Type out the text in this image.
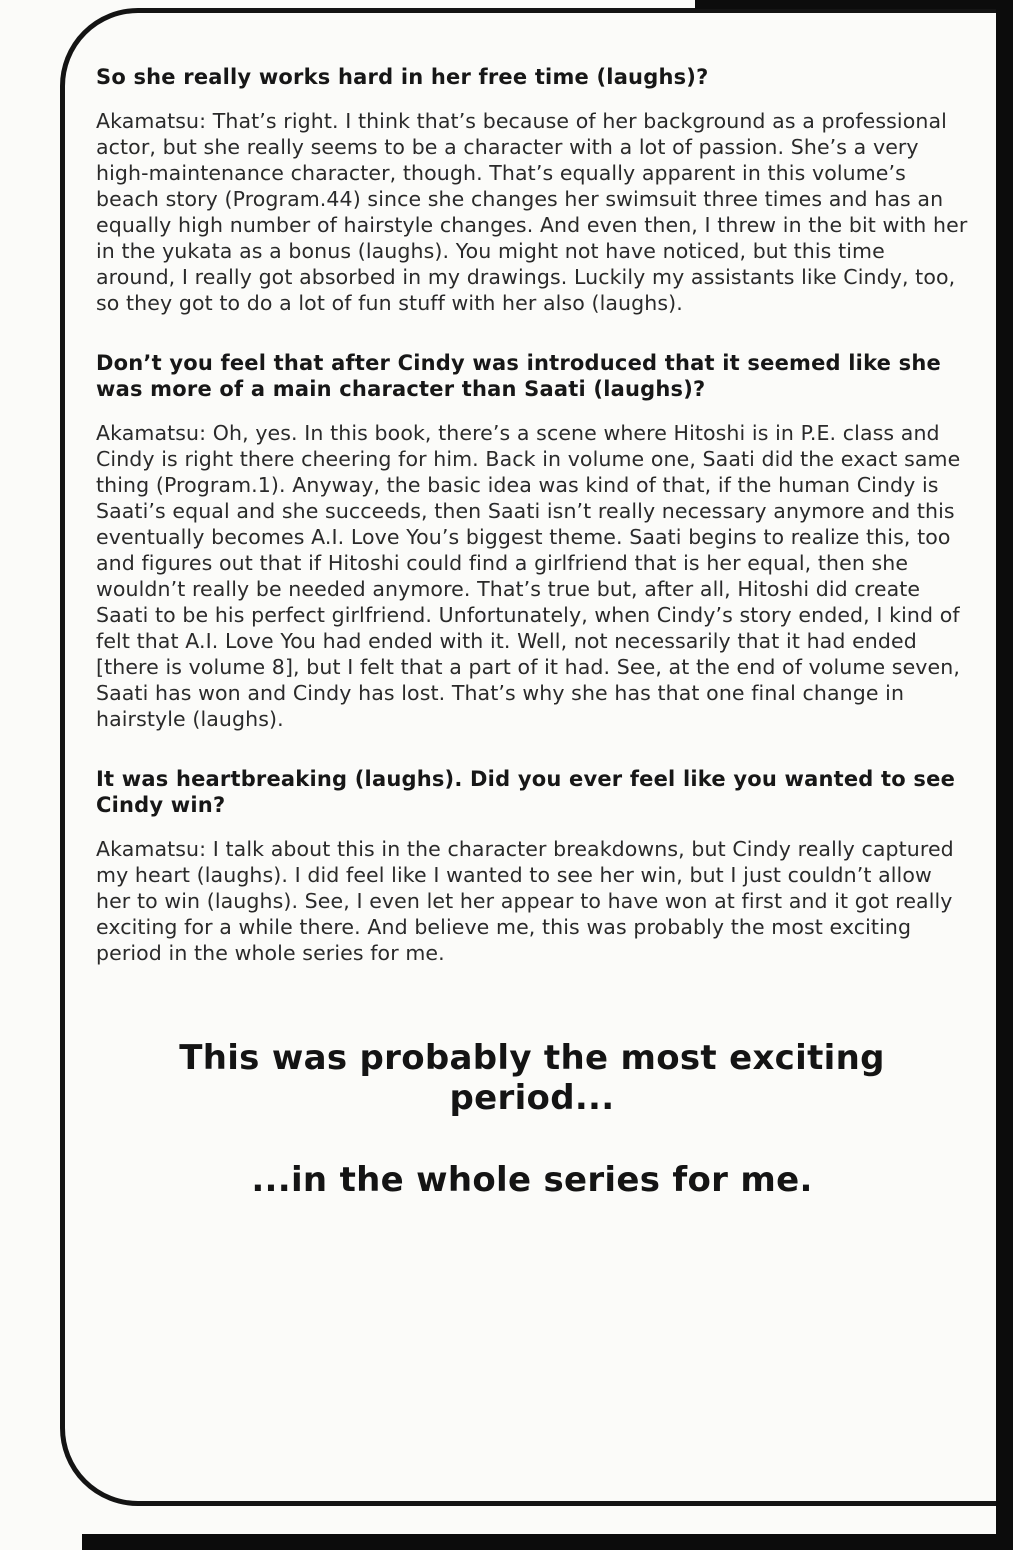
So she really works hard in her free time (laughs)?

Akamatsu: That’s right. I think that’s because of her background as a professional actor, but she really seems to be a character with a lot of passion. She’s a very high-maintenance character, though. That’s equally apparent in this volume’s beach story (Program.44) since she changes her swimsuit three times and has an equally high number of hairstyle changes. And even then, I threw in the bit with her in the yukata as a bonus (laughs). You might not have noticed, but this time around, I really got absorbed in my drawings. Luckily my assistants like Cindy, too, so they got to do a lot of fun stuff with her also (laughs).

Don’t you feel that after Cindy was introduced that it seemed like she was more of a main character than Saati (laughs)?

Akamatsu: Oh, yes. In this book, there’s a scene where Hitoshi is in P.E. class and Cindy is right there cheering for him. Back in volume one, Saati did the exact same thing (Program.1). Anyway, the basic idea was kind of that, if the human Cindy is Saati’s equal and she succeeds, then Saati isn’t really necessary anymore and this eventually becomes A.I. Love You’s biggest theme. Saati begins to realize this, too and figures out that if Hitoshi could find a girlfriend that is her equal, then she wouldn’t really be needed anymore. That’s true but, after all, Hitoshi did create Saati to be his perfect girlfriend. Unfortunately, when Cindy’s story ended, I kind of felt that A.I. Love You had ended with it. Well, not necessarily that it had ended [there is volume 8], but I felt that a part of it had. See, at the end of volume seven, Saati has won and Cindy has lost. That’s why she has that one final change in hairstyle (laughs).

It was heartbreaking (laughs). Did you ever feel like you wanted to see Cindy win?

Akamatsu: I talk about this in the character breakdowns, but Cindy really captured my heart (laughs). I did feel like I wanted to see her win, but I just couldn’t allow her to win (laughs). See, I even let her appear to have won at first and it got really exciting for a while there. And believe me, this was probably the most exciting period in the whole series for me.

This was probably the most exciting period...

...in the whole series for me.
